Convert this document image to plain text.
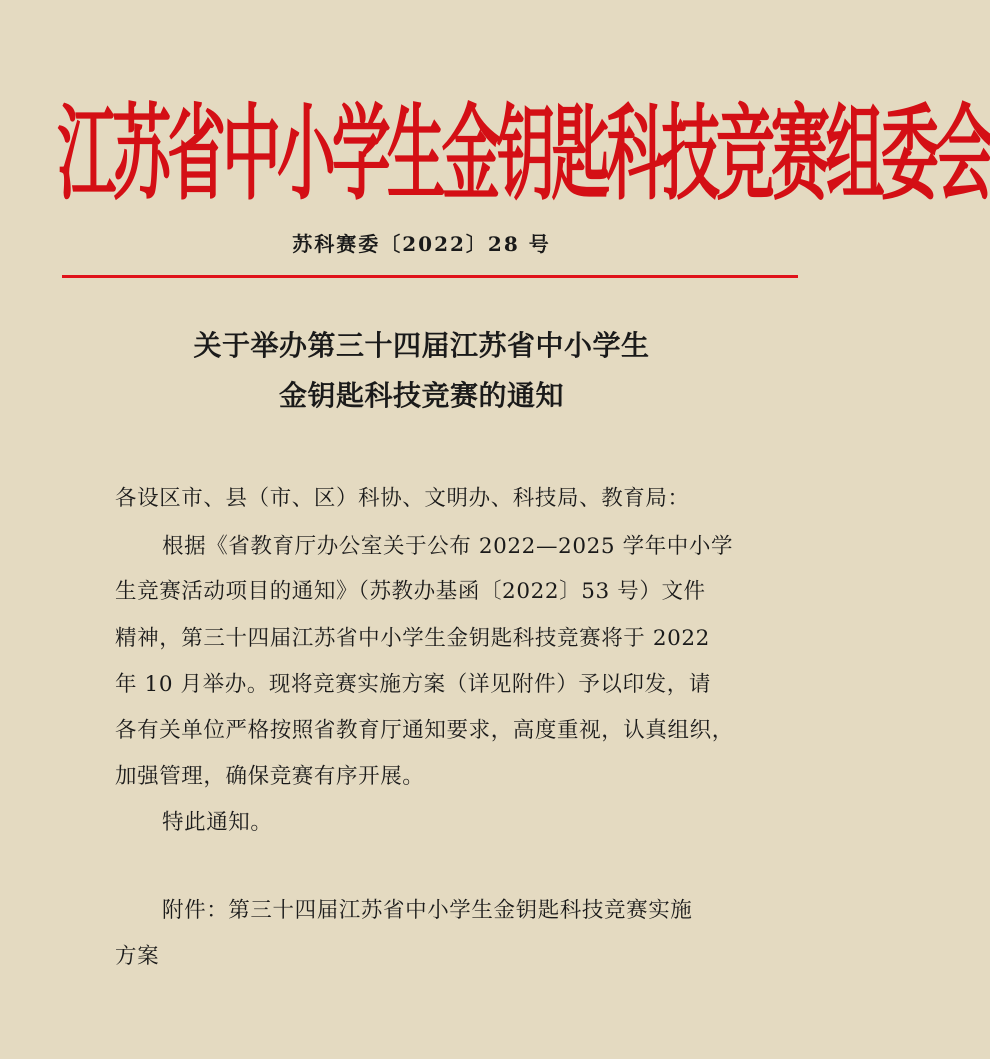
江苏省中小学生金钥匙科技竞赛组委会
苏科赛委〔2022〕28 号
关于举办第三十四届江苏省中小学生
金钥匙科技竞赛的通知
各设区市、县（市、区）科协、文明办、科技局、教育局：
根据《省教育厅办公室关于公布 2022—2025 学年中小学
生竞赛活动项目的通知》（苏教办基函〔2022〕53 号）文件
精神，第三十四届江苏省中小学生金钥匙科技竞赛将于 2022
年 10 月举办。现将竞赛实施方案（详见附件）予以印发，请
各有关单位严格按照省教育厅通知要求，高度重视，认真组织，
加强管理，确保竞赛有序开展。
特此通知。
附件：第三十四届江苏省中小学生金钥匙科技竞赛实施
方案
